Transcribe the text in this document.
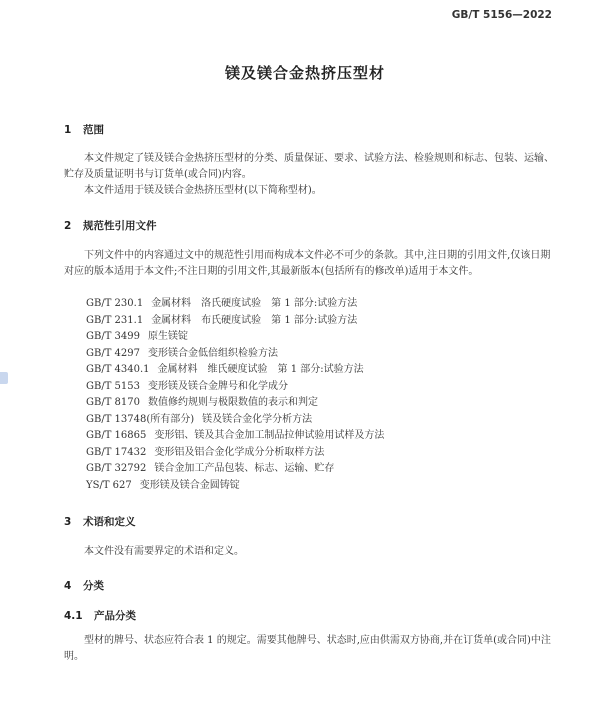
GB/T 5156—2022
镁及镁合金热挤压型材
1 范围
本文件规定了镁及镁合金热挤压型材的分类、质量保证、要求、试验方法、检验规则和标志、包装、运输、贮存及质量证明书与订货单(或合同)内容。
本文件适用于镁及镁合金热挤压型材(以下简称型材)。
2 规范性引用文件
下列文件中的内容通过文中的规范性引用而构成本文件必不可少的条款。其中,注日期的引用文件,仅该日期对应的版本适用于本文件;不注日期的引用文件,其最新版本(包括所有的修改单)适用于本文件。
GB/T 230.1 金属材料　洛氏硬度试验　第 1 部分:试验方法
GB/T 231.1 金属材料　布氏硬度试验　第 1 部分:试验方法
GB/T 3499 原生镁锭
GB/T 4297 变形镁合金低倍组织检验方法
GB/T 4340.1 金属材料　维氏硬度试验　第 1 部分:试验方法
GB/T 5153 变形镁及镁合金牌号和化学成分
GB/T 8170 数值修约规则与极限数值的表示和判定
GB/T 13748(所有部分) 镁及镁合金化学分析方法
GB/T 16865 变形铝、镁及其合金加工制品拉伸试验用试样及方法
GB/T 17432 变形铝及铝合金化学成分分析取样方法
GB/T 32792 镁合金加工产品包装、标志、运输、贮存
YS/T 627 变形镁及镁合金圆铸锭
3 术语和定义
本文件没有需要界定的术语和定义。
4 分类
4.1 产品分类
型材的牌号、状态应符合表 1 的规定。需要其他牌号、状态时,应由供需双方协商,并在订货单(或合同)中注明。
